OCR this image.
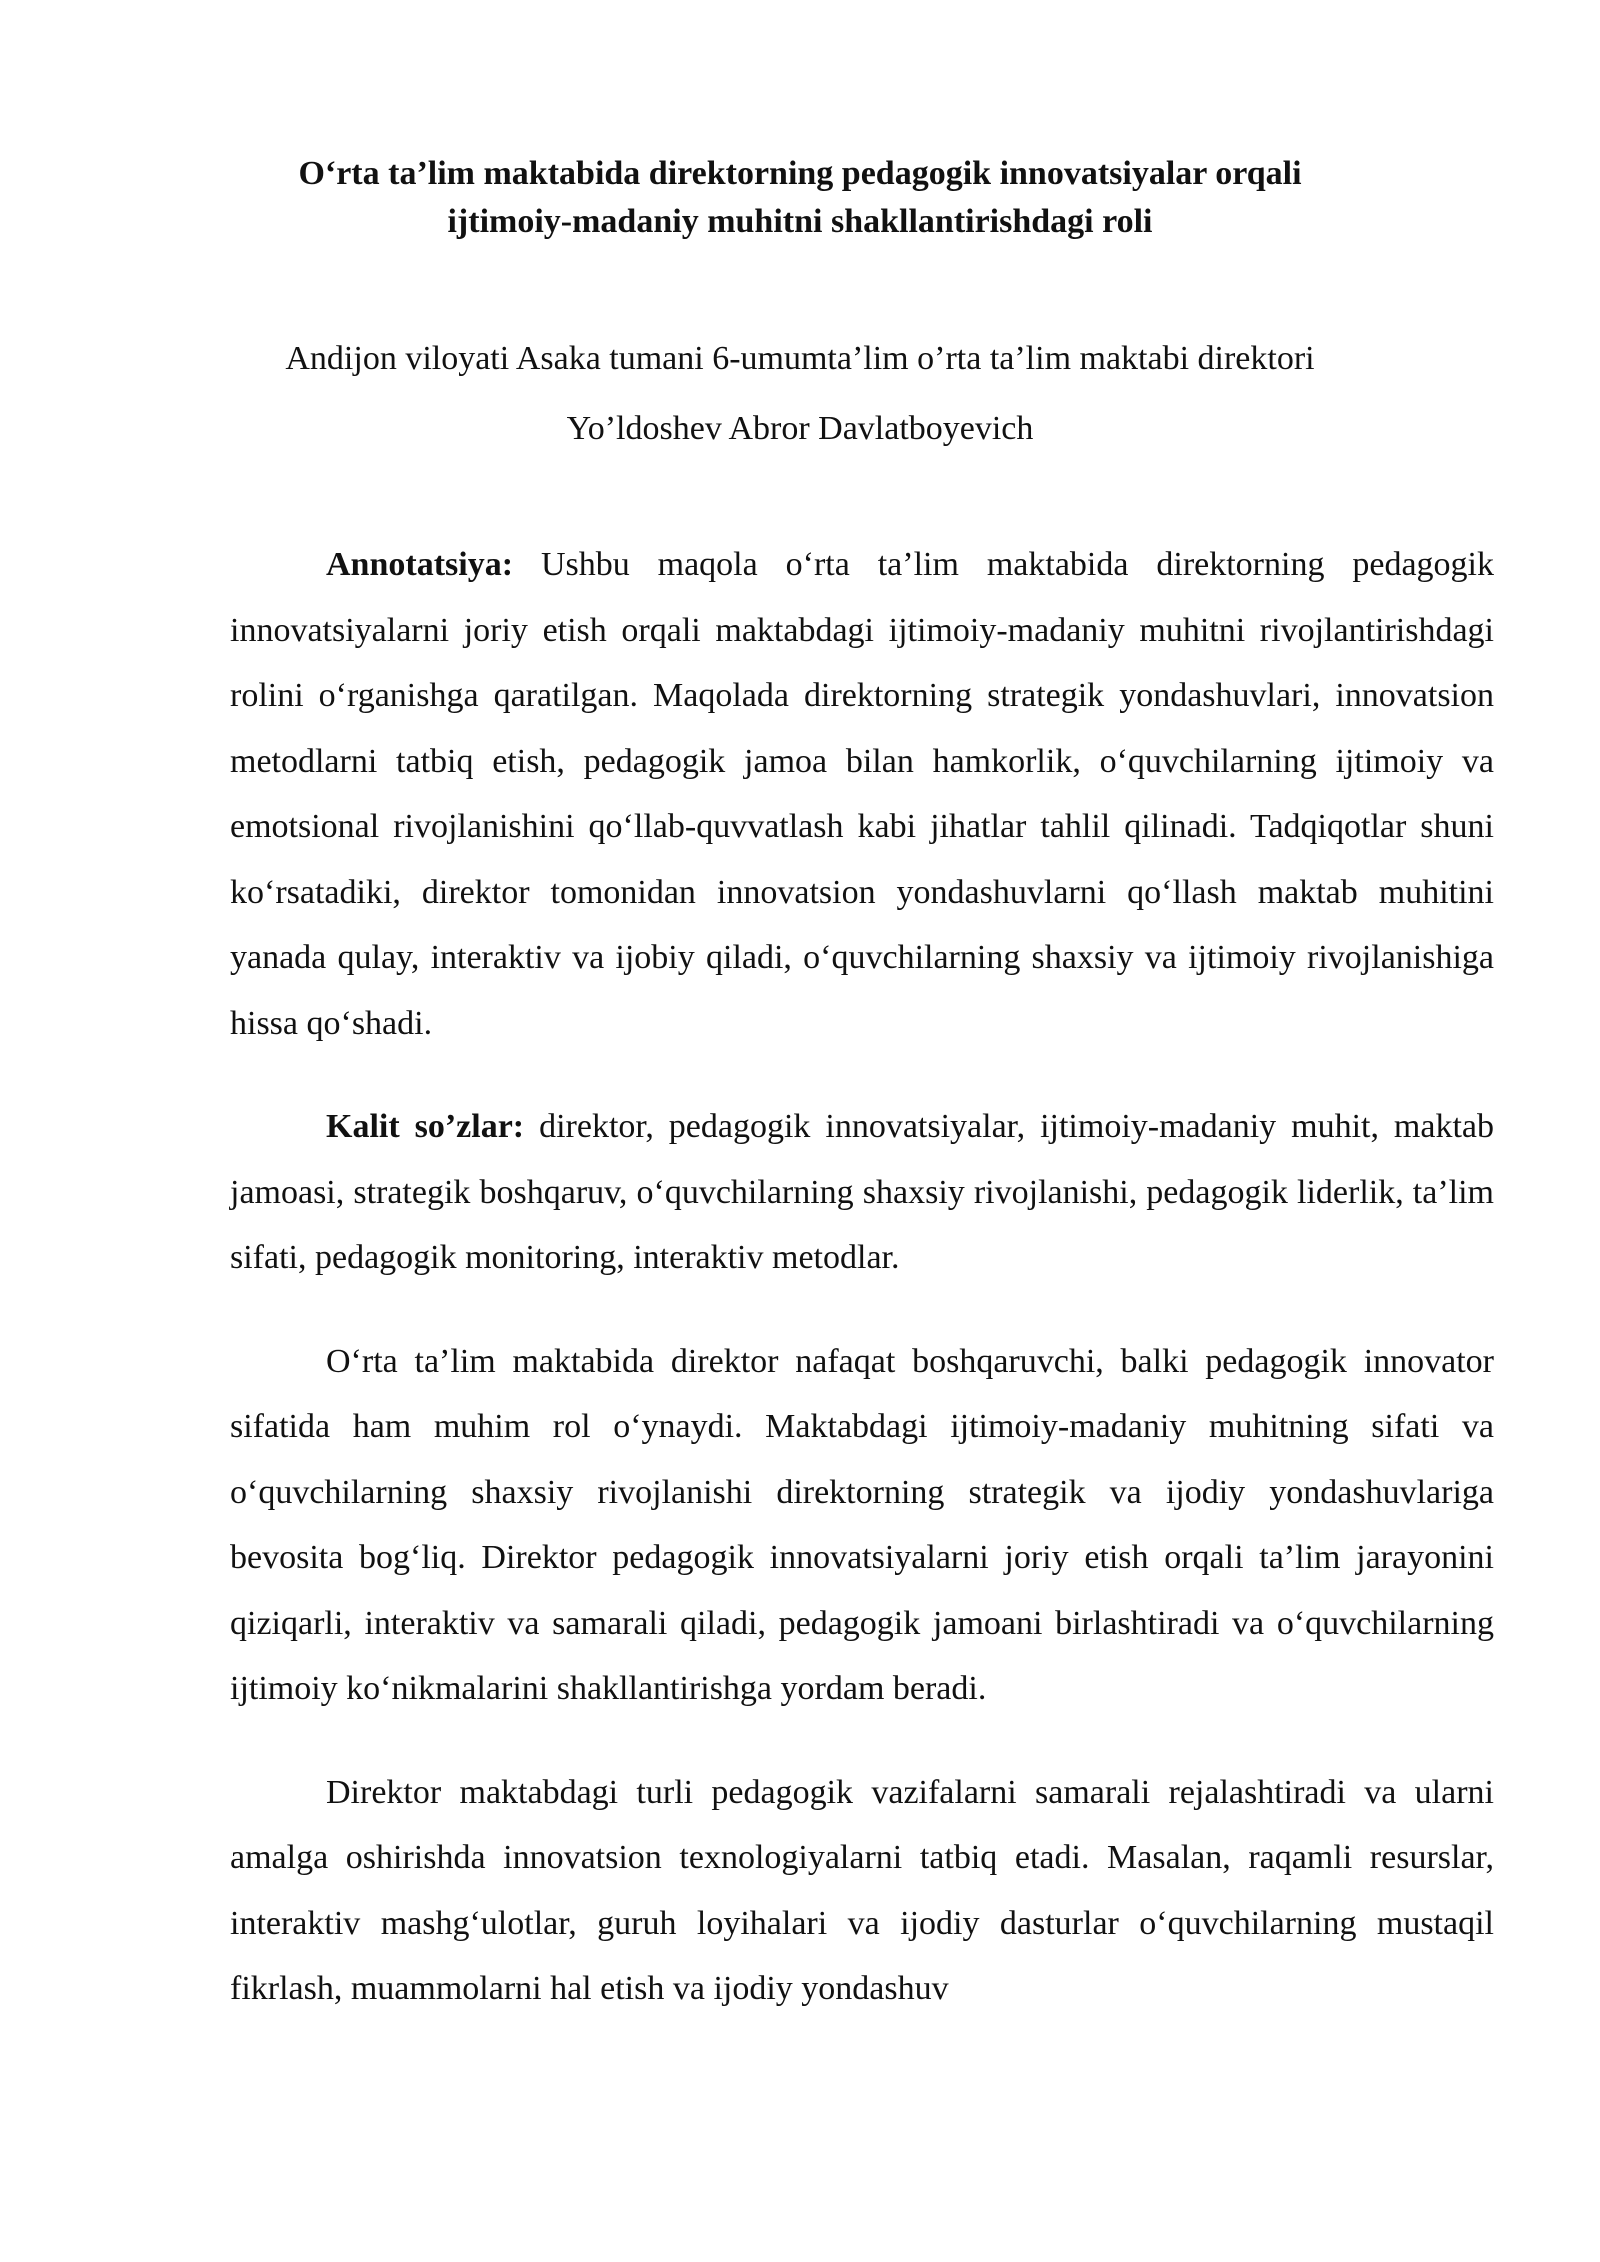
O‘rta ta’lim maktabida direktorning pedagogik innovatsiyalar orqali
ijtimoiy-madaniy muhitni shakllantirishdagi roli

Andijon viloyati Asaka tumani 6-umumta’lim o’rta ta’lim maktabi direktori

Yo’ldoshev Abror Davlatboyevich

Annotatsiya: Ushbu maqola o‘rta ta’lim maktabida direktorning pedagogik innovatsiyalarni joriy etish orqali maktabdagi ijtimoiy-madaniy muhitni rivojlantirishdagi rolini o‘rganishga qaratilgan. Maqolada direktorning strategik yondashuvlari, innovatsion metodlarni tatbiq etish, pedagogik jamoa bilan hamkorlik, o‘quvchilarning ijtimoiy va emotsional rivojlanishini qo‘llab-quvvatlash kabi jihatlar tahlil qilinadi. Tadqiqotlar shuni ko‘rsatadiki, direktor tomonidan innovatsion yondashuvlarni qo‘llash maktab muhitini yanada qulay, interaktiv va ijobiy qiladi, o‘quvchilarning shaxsiy va ijtimoiy rivojlanishiga hissa qo‘shadi.

Kalit so’zlar: direktor, pedagogik innovatsiyalar, ijtimoiy-madaniy muhit, maktab jamoasi, strategik boshqaruv, o‘quvchilarning shaxsiy rivojlanishi, pedagogik liderlik, ta’lim sifati, pedagogik monitoring, interaktiv metodlar.

O‘rta ta’lim maktabida direktor nafaqat boshqaruvchi, balki pedagogik innovator sifatida ham muhim rol o‘ynaydi. Maktabdagi ijtimoiy-madaniy muhitning sifati va o‘quvchilarning shaxsiy rivojlanishi direktorning strategik va ijodiy yondashuvlariga bevosita bog‘liq. Direktor pedagogik innovatsiyalarni joriy etish orqali ta’lim jarayonini qiziqarli, interaktiv va samarali qiladi, pedagogik jamoani birlashtiradi va o‘quvchilarning ijtimoiy ko‘nikmalarini shakllantirishga yordam beradi.

Direktor maktabdagi turli pedagogik vazifalarni samarali rejalashtiradi va ularni amalga oshirishda innovatsion texnologiyalarni tatbiq etadi. Masalan, raqamli resurslar, interaktiv mashg‘ulotlar, guruh loyihalari va ijodiy dasturlar o‘quvchilarning mustaqil fikrlash, muammolarni hal etish va ijodiy yondashuv
